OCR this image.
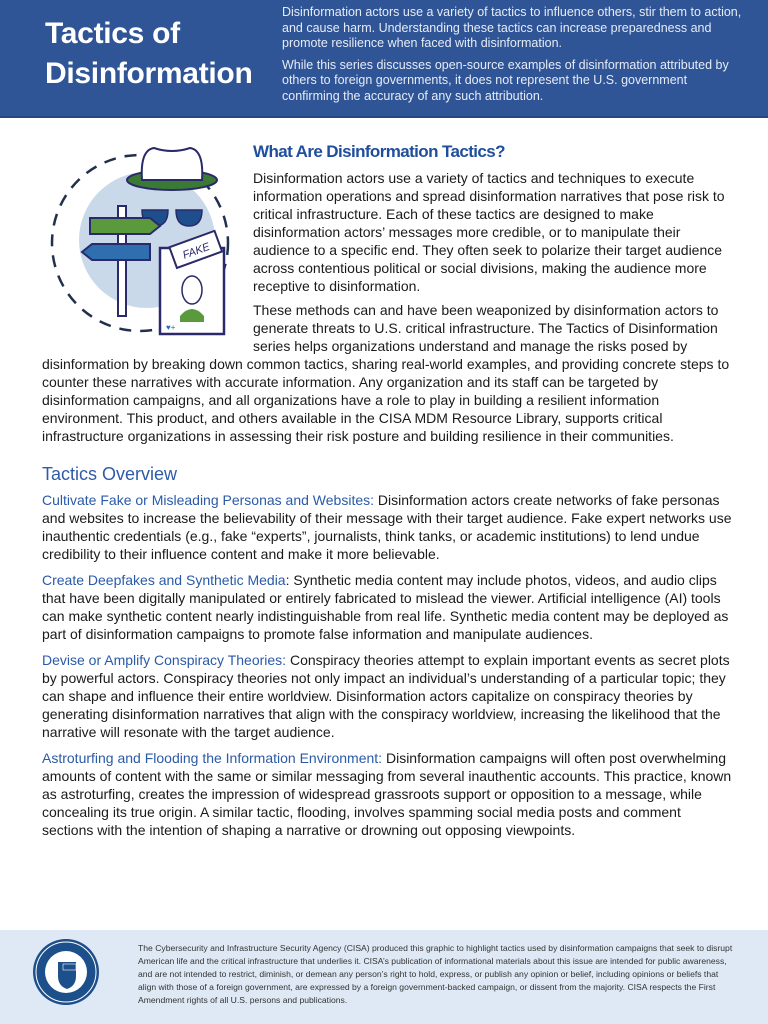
Tactics of
Disinformation

Disinformation actors use a variety of tactics to influence others, stir them to action, and cause harm. Understanding these tactics can increase preparedness and promote resilience when faced with disinformation.

While this series discusses open-source examples of disinformation attributed by others to foreign governments, it does not represent the U.S. government confirming the accuracy of any such attribution.

FAKE
♥+
What Are Disinformation Tactics?

Disinformation actors use a variety of tactics and techniques to execute information operations and spread disinformation narratives that pose risk to critical infrastructure. Each of these tactics are designed to make disinformation actors’ messages more credible, or to manipulate their audience to a specific end. They often seek to polarize their target audience across contentious political or social divisions, making the audience more receptive to disinformation.

These methods can and have been weaponized by disinformation actors to generate threats to U.S. critical infrastructure. The Tactics of Disinformation series helps organizations understand and manage the risks posed by disinformation by breaking down common tactics, sharing real-world examples, and providing concrete steps to counter these narratives with accurate information. Any organization and its staff can be targeted by disinformation campaigns, and all organizations have a role to play in building a resilient information environment. This product, and others available in the CISA MDM Resource Library, supports critical infrastructure organizations in assessing their risk posture and building resilience in their communities.

Tactics Overview
Cultivate Fake or Misleading Personas and Websites: Disinformation actors create networks of fake personas and websites to increase the believability of their message with their target audience. Fake expert networks use inauthentic credentials (e.g., fake “experts”, journalists, think tanks, or academic institutions) to lend undue credibility to their influence content and make it more believable.
Create Deepfakes and Synthetic Media: Synthetic media content may include photos, videos, and audio clips that have been digitally manipulated or entirely fabricated to mislead the viewer. Artificial intelligence (AI) tools can make synthetic content nearly indistinguishable from real life. Synthetic media content may be deployed as part of disinformation campaigns to promote false information and manipulate audiences.
Devise or Amplify Conspiracy Theories: Conspiracy theories attempt to explain important events as secret plots by powerful actors. Conspiracy theories not only impact an individual’s understanding of a particular topic; they can shape and influence their entire worldview. Disinformation actors capitalize on conspiracy theories by generating disinformation narratives that align with the conspiracy worldview, increasing the likelihood that the narrative will resonate with the target audience.
Astroturfing and Flooding the Information Environment: Disinformation campaigns will often post overwhelming amounts of content with the same or similar messaging from several inauthentic accounts. This practice, known as astroturfing, creates the impression of widespread grassroots support or opposition to a message, while concealing its true origin. A similar tactic, flooding, involves spamming social media posts and comment sections with the intention of shaping a narrative or drowning out opposing viewpoints.
The Cybersecurity and Infrastructure Security Agency (CISA) produced this graphic to highlight tactics used by disinformation campaigns that seek to disrupt American life and the critical infrastructure that underlies it. CISA’s publication of informational materials about this issue are intended for public awareness, and are not intended to restrict, diminish, or demean any person’s right to hold, express, or publish any opinion or belief, including opinions or beliefs that align with those of a foreign government, are expressed by a foreign government-backed campaign, or dissent from the majority. CISA respects the First Amendment rights of all U.S. persons and publications.
